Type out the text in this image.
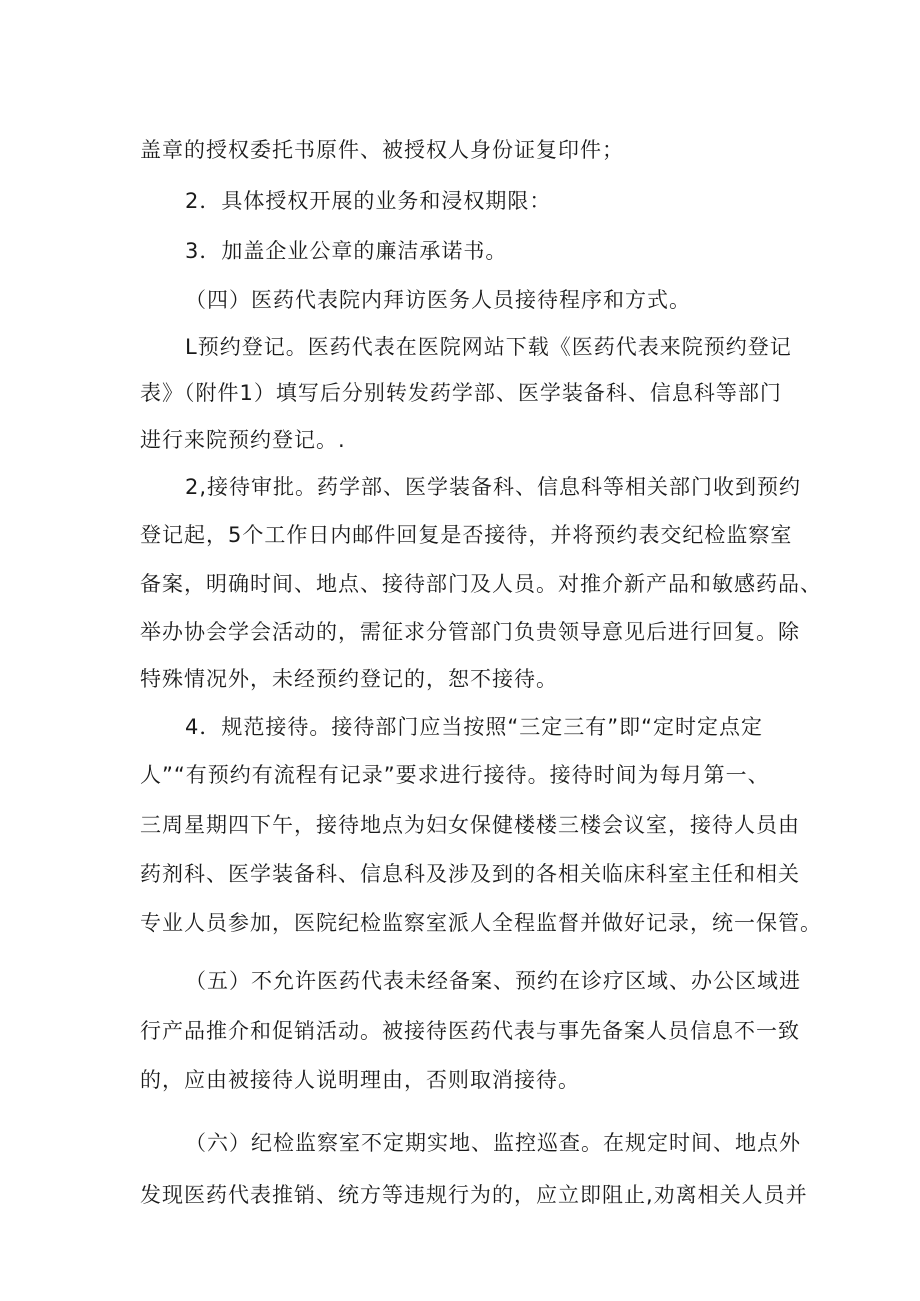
盖章的授权委托书原件、被授权人身份证复印件；
2．具体授权开展的业务和浸权期限：
3．加盖企业公章的廉洁承诺书。
（四）医药代表院内拜访医务人员接待程序和方式。
L预约登记。医药代表在医院网站下载《医药代表来院预约登记
表》（附件1）填写后分别转发药学部、医学装备科、信息科等部门
进行来院预约登记。.
2,接待审批。药学部、医学装备科、信息科等相关部门收到预约
登记起，5个工作日内邮件回复是否接待，并将预约表交纪检监察室
备案，明确时间、地点、接待部门及人员。对推介新产品和敏感药品、
举办协会学会活动的，需征求分管部门负贵领导意见后进行回复。除
特殊情况外，未经预约登记的，恕不接待。
4．规范接待。接待部门应当按照“三定三有”即“定时定点定
人”“有预约有流程有记录”要求进行接待。接待时间为每月第一、
三周星期四下午，接待地点为妇女保健楼楼三楼会议室，接待人员由
药剂科、医学装备科、信息科及涉及到的各相关临床科室主任和相关
专业人员参加，医院纪检监察室派人全程监督并做好记录，统一保管。
（五）不允许医药代表未经备案、预约在诊疗区域、办公区域进
行产品推介和促销活动。被接待医药代表与事先备案人员信息不一致
的，应由被接待人说明理由，否则取消接待。
（六）纪检监察室不定期实地、监控巡查。在规定时间、地点外
发现医药代表推销、统方等违规行为的，应立即阻止,劝离相关人员并
